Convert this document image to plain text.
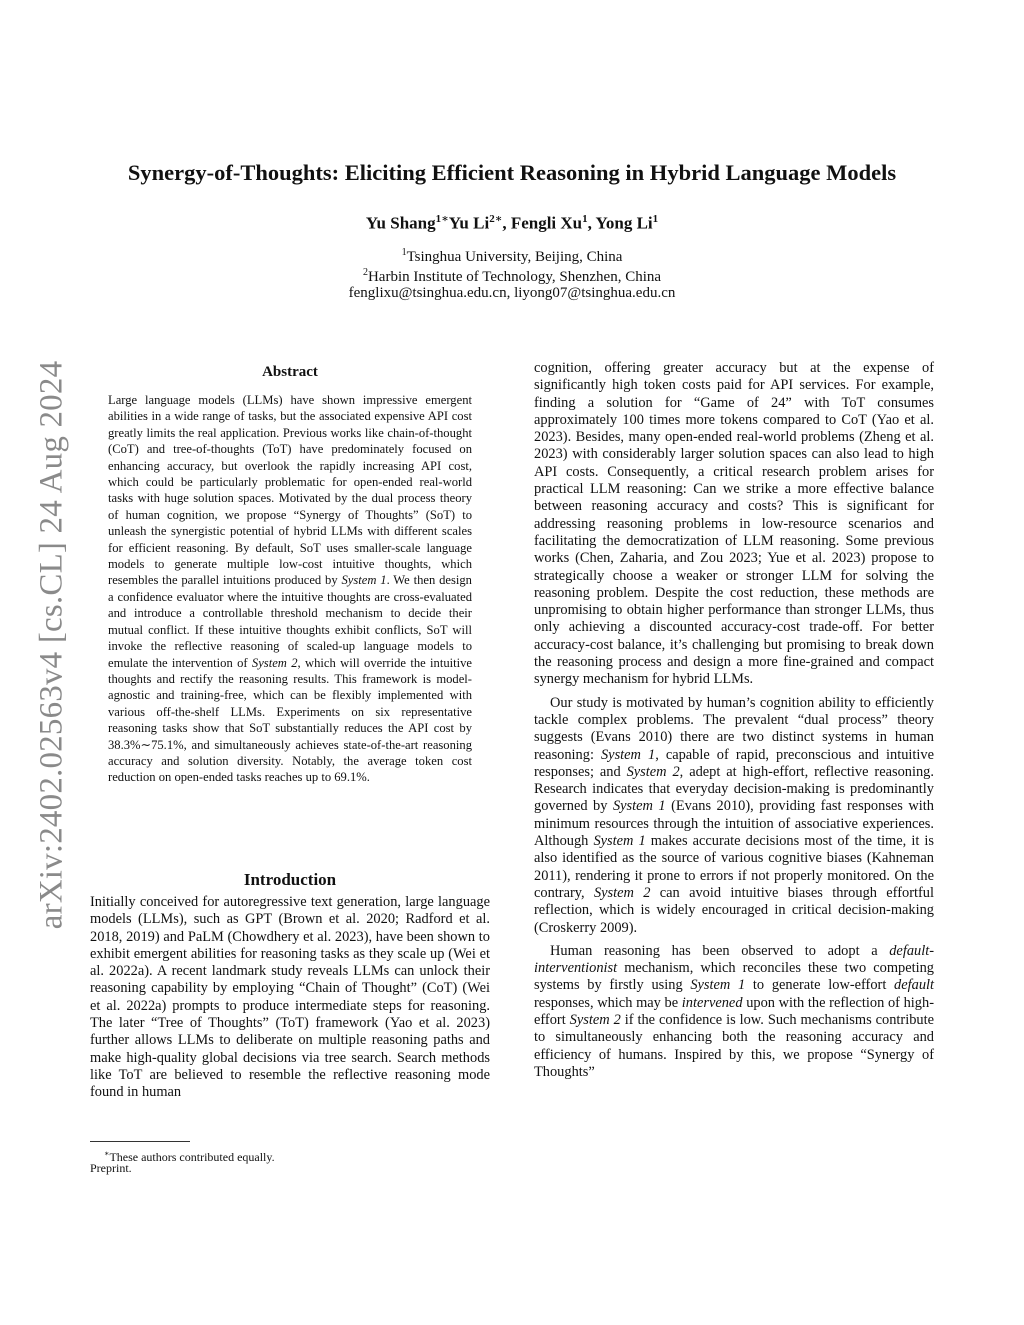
arXiv:2402.02563v4 [cs.CL] 24 Aug 2024
Synergy-of-Thoughts: Eliciting Efficient Reasoning in Hybrid Language Models
Yu Shang$^{1∗}$Yu $Li^{2∗}$, Fengli Xu$^1$, Yong Li$^1$
$^1$Tsinghua University, Beijing, China
$^2$Harbin Institute of Technology, Shenzhen, China
fenglixu@tsinghua.edu.cn, liyong07@tsinghua.edu.cn
Abstract

Large language models (LLMs) have shown impressive emergent abilities in a wide range of tasks, but the associated expensive API cost greatly limits the real application. Previous works like chain-of-thought (CoT) and tree-of-thoughts (ToT) have predominately focused on enhancing accuracy, but overlook the rapidly increasing API cost, which could be particularly problematic for open-ended real-world tasks with huge solution spaces. Motivated by the dual process theory of human cognition, we propose “Synergy of Thoughts” (SoT) to unleash the synergistic potential of hybrid LLMs with different scales for efficient reasoning. By default, SoT uses smaller-scale language models to generate multiple low-cost intuitive thoughts, which resembles the parallel intuitions produced by System 1. We then design a confidence evaluator where the intuitive thoughts are cross-evaluated and introduce a controllable threshold mechanism to decide their mutual conflict. If these intuitive thoughts exhibit conflicts, SoT will invoke the reflective reasoning of scaled-up language models to emulate the intervention of System 2, which will override the intuitive thoughts and rectify the reasoning results. This framework is model-agnostic and training-free, which can be flexibly implemented with various off-the-shelf LLMs. Experiments on six representative reasoning tasks show that SoT substantially reduces the API cost by 38.3%∼75.1%, and simultaneously achieves state-of-the-art reasoning accuracy and solution diversity. Notably, the average token cost reduction on open-ended tasks reaches up to 69.1%.

Introduction

Initially conceived for autoregressive text generation, large language models (LLMs), such as GPT (Brown et al. 2020; Radford et al. 2018, 2019) and PaLM (Chowdhery et al. 2023), have been shown to exhibit emergent abilities for reasoning tasks as they scale up (Wei et al. 2022a). A recent landmark study reveals LLMs can unlock their reasoning capability by employing “Chain of Thought” (CoT) (Wei et al. 2022a) prompts to produce intermediate steps for reasoning. The later “Tree of Thoughts” (ToT) framework (Yao et al. 2023) further allows LLMs to deliberate on multiple reasoning paths and make high-quality global decisions via tree search. Search methods like ToT are believed to resemble the reflective reasoning mode found in human

∗These authors contributed equally.
Preprint.

cognition, offering greater accuracy but at the expense of significantly high token costs paid for API services. For example, finding a solution for “Game of 24” with ToT consumes approximately 100 times more tokens compared to CoT (Yao et al. 2023). Besides, many open-ended real-world problems (Zheng et al. 2023) with considerably larger solution spaces can also lead to high API costs. Consequently, a critical research problem arises for practical LLM reasoning: Can we strike a more effective balance between reasoning accuracy and costs? This is significant for addressing reasoning problems in low-resource scenarios and facilitating the democratization of LLM reasoning. Some previous works (Chen, Zaharia, and Zou 2023; Yue et al. 2023) propose to strategically choose a weaker or stronger LLM for solving the reasoning problem. Despite the cost reduction, these methods are unpromising to obtain higher performance than stronger LLMs, thus only achieving a discounted accuracy-cost trade-off. For better accuracy-cost balance, it’s challenging but promising to break down the reasoning process and design a more fine-grained and compact synergy mechanism for hybrid LLMs.

Our study is motivated by human’s cognition ability to efficiently tackle complex problems. The prevalent “dual process” theory suggests (Evans 2010) there are two distinct systems in human reasoning: System 1, capable of rapid, preconscious and intuitive responses; and System 2, adept at high-effort, reflective reasoning. Research indicates that everyday decision-making is predominantly governed by System 1 (Evans 2010), providing fast responses with minimum resources through the intuition of associative experiences. Although System 1 makes accurate decisions most of the time, it is also identified as the source of various cognitive biases (Kahneman 2011), rendering it prone to errors if not properly monitored. On the contrary, System 2 can avoid intuitive biases through effortful reflection, which is widely encouraged in critical decision-making (Croskerry 2009).

Human reasoning has been observed to adopt a default-interventionist mechanism, which reconciles these two competing systems by firstly using System 1 to generate low-effort default responses, which may be intervened upon with the reflection of high-effort System 2 if the confidence is low. Such mechanisms contribute to simultaneously enhancing both the reasoning accuracy and efficiency of humans. Inspired by this, we propose “Synergy of Thoughts”
